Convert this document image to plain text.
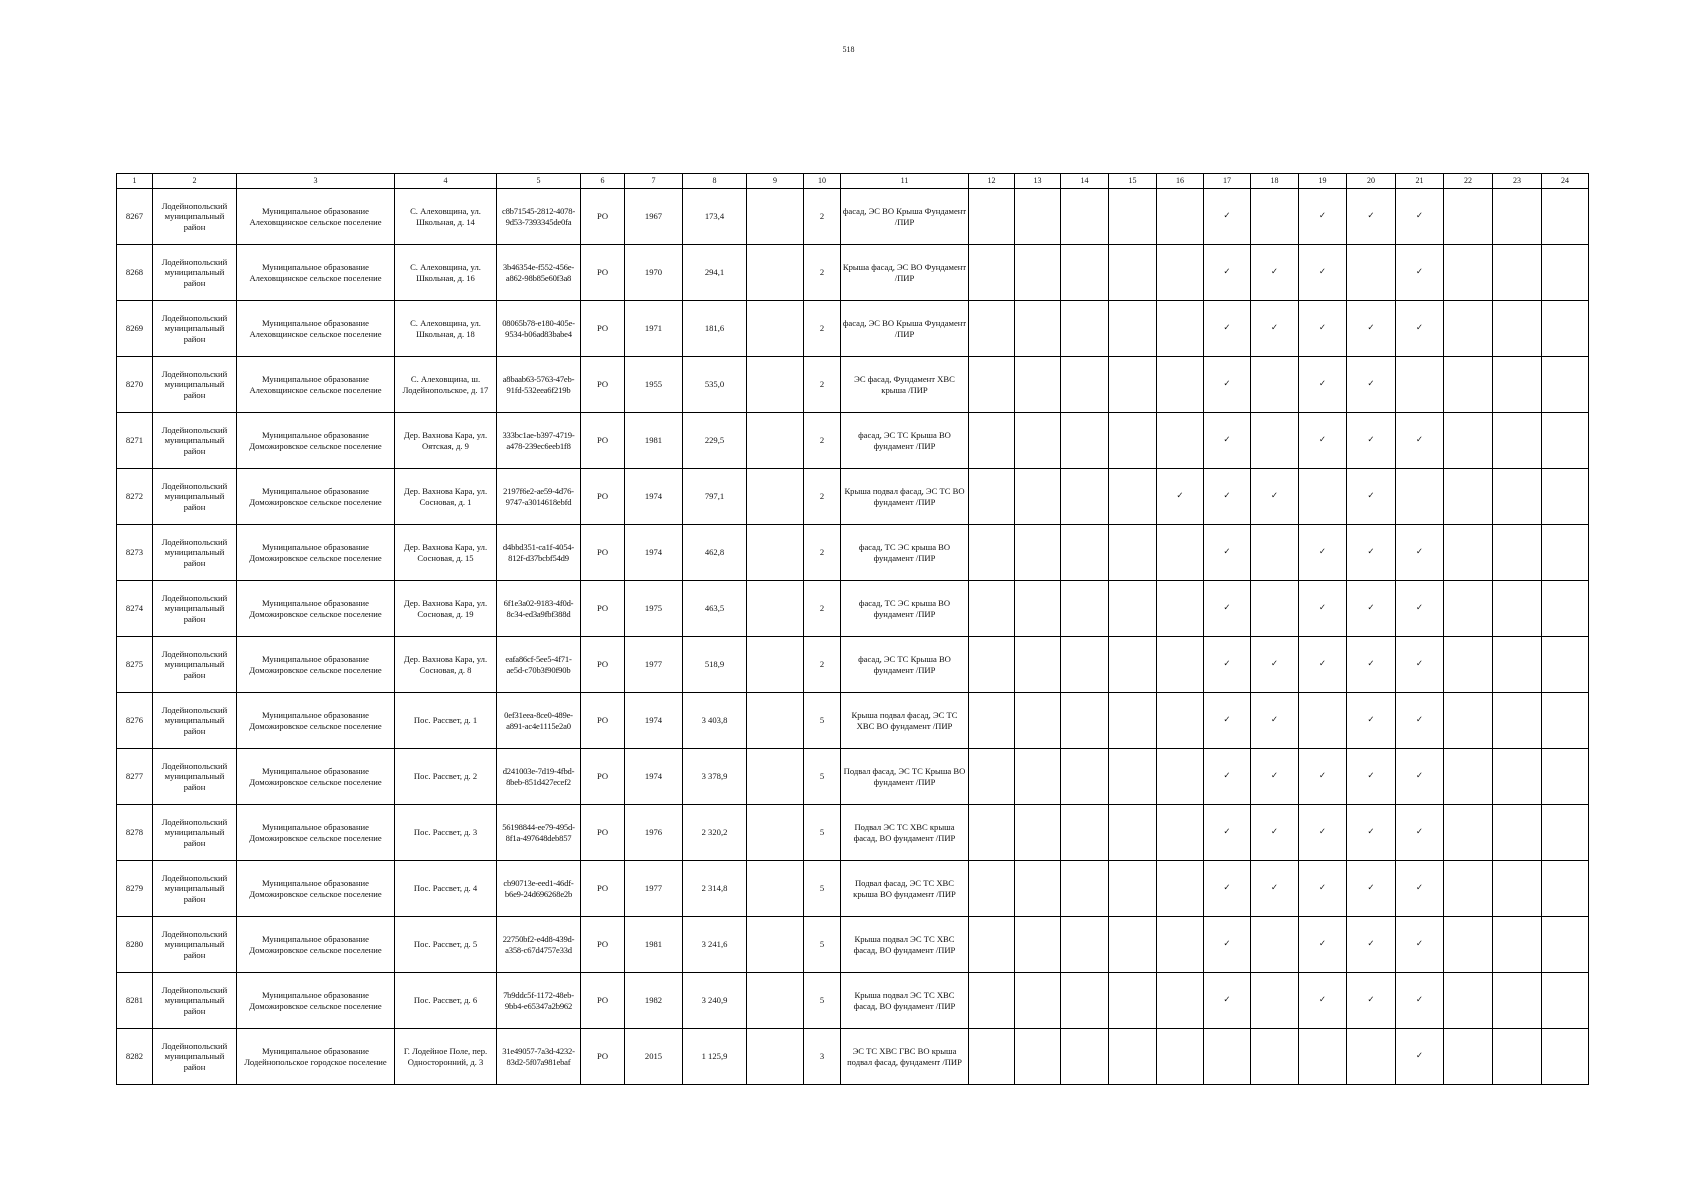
518
1	2	3	4	5	6	7	8	9	10	11	12	13	14	15	16	17	18	19	20	21	22	23	24
8267	Лодейнопольский муниципальный район	Муниципальное образование Алеховщинское сельское поселение	С. Алеховщина, ул. Школьная, д. 14	c8b71545-2812-4078-9d53-7393345de0fa	РО	1967	173,4		2	фасад, ЭС ВО Крыша Фундамент /ПИР						✓		✓	✓	✓			
8268	Лодейнопольский муниципальный район	Муниципальное образование Алеховщинское сельское поселение	С. Алеховщина, ул. Школьная, д. 16	3b46354e-f552-456e-a862-98b85e60f3a8	РО	1970	294,1		2	Крыша фасад, ЭС ВО Фундамент /ПИР						✓	✓	✓		✓			
8269	Лодейнопольский муниципальный район	Муниципальное образование Алеховщинское сельское поселение	С. Алеховщина, ул. Школьная, д. 18	08065b78-e180-405e-9534-b06ad83babe4	РО	1971	181,6		2	фасад, ЭС ВО Крыша Фундамент /ПИР						✓	✓	✓	✓	✓			
8270	Лодейнопольский муниципальный район	Муниципальное образование Алеховщинское сельское поселение	С. Алеховщина, ш. Лодейнопольское, д. 17	a8baab63-5763-47eb-91fd-532eea6f219b	РО	1955	535,0		2	ЭС фасад, Фундамент ХВС крыша /ПИР						✓		✓	✓				
8271	Лодейнопольский муниципальный район	Муниципальное образование Доможировское сельское поселение	Дер. Вахнова Кара, ул. Оятская, д. 9	333bc1ae-b397-4719-a478-239ec6eeb1f8	РО	1981	229,5		2	фасад, ЭС ТС Крыша ВО фундамент /ПИР						✓		✓	✓	✓			
8272	Лодейнопольский муниципальный район	Муниципальное образование Доможировское сельское поселение	Дер. Вахнова Кара, ул. Сосновая, д. 1	2197f6e2-ae59-4d76-9747-a3014618ebfd	РО	1974	797,1		2	Крыша подвал фасад, ЭС ТС ВО фундамент /ПИР					✓	✓	✓		✓				
8273	Лодейнопольский муниципальный район	Муниципальное образование Доможировское сельское поселение	Дер. Вахнова Кара, ул. Сосновая, д. 15	d4bbd351-ca1f-4054-812f-d37bcbf54d9	РО	1974	462,8		2	фасад, ТС ЭС крыша ВО фундамент /ПИР						✓		✓	✓	✓			
8274	Лодейнопольский муниципальный район	Муниципальное образование Доможировское сельское поселение	Дер. Вахнова Кара, ул. Сосновая, д. 19	6f1e3a02-9183-4f0d-8c34-ed3a9fbf388d	РО	1975	463,5		2	фасад, ТС ЭС крыша ВО фундамент /ПИР						✓		✓	✓	✓			
8275	Лодейнопольский муниципальный район	Муниципальное образование Доможировское сельское поселение	Дер. Вахнова Кара, ул. Сосновая, д. 8	eafa86cf-5ee5-4f71-ae5d-c70b3f90f90b	РО	1977	518,9		2	фасад, ЭС ТС Крыша ВО фундамент /ПИР						✓	✓	✓	✓	✓			
8276	Лодейнопольский муниципальный район	Муниципальное образование Доможировское сельское поселение	Пос. Рассвет, д. 1	0ef31eea-8ce0-489e-a891-ac4e1115e2a0	РО	1974	3 403,8		5	Крыша подвал фасад, ЭС ТС ХВС ВО фундамент /ПИР						✓	✓		✓	✓			
8277	Лодейнопольский муниципальный район	Муниципальное образование Доможировское сельское поселение	Пос. Рассвет, д. 2	d241003e-7d19-4fbd-8beb-851d427ecef2	РО	1974	3 378,9		5	Подвал фасад, ЭС ТС Крыша ВО фундамент /ПИР						✓	✓	✓	✓	✓			
8278	Лодейнопольский муниципальный район	Муниципальное образование Доможировское сельское поселение	Пос. Рассвет, д. 3	56198844-ee79-495d-8f1a-497648deb857	РО	1976	2 320,2		5	Подвал ЭС ТС ХВС крыша фасад, ВО фундамент /ПИР						✓	✓	✓	✓	✓			
8279	Лодейнопольский муниципальный район	Муниципальное образование Доможировское сельское поселение	Пос. Рассвет, д. 4	cb90713e-eed1-46df-b6e9-24d696268e2b	РО	1977	2 314,8		5	Подвал фасад, ЭС ТС ХВС крыша ВО фундамент /ПИР						✓	✓	✓	✓	✓			
8280	Лодейнопольский муниципальный район	Муниципальное образование Доможировское сельское поселение	Пос. Рассвет, д. 5	22750bf2-e4d8-439d-a358-c67d4757e33d	РО	1981	3 241,6		5	Крыша подвал ЭС ТС ХВС фасад, ВО фундамент /ПИР						✓		✓	✓	✓			
8281	Лодейнопольский муниципальный район	Муниципальное образование Доможировское сельское поселение	Пос. Рассвет, д. 6	7b9ddc5f-1172-48eb-9bb4-e65347a2b962	РО	1982	3 240,9		5	Крыша подвал ЭС ТС ХВС фасад, ВО фундамент /ПИР						✓		✓	✓	✓			
8282	Лодейнопольский муниципальный район	Муниципальное образование Лодейнопольское городское поселение	Г. Лодейное Поле, пер. Односторонний, д. 3	31e49057-7a3d-4232-83d2-5f07a981ebaf	РО	2015	1 125,9		3	ЭС ТС ХВС ГВС ВО крыша подвал фасад, фундамент /ПИР										✓			
